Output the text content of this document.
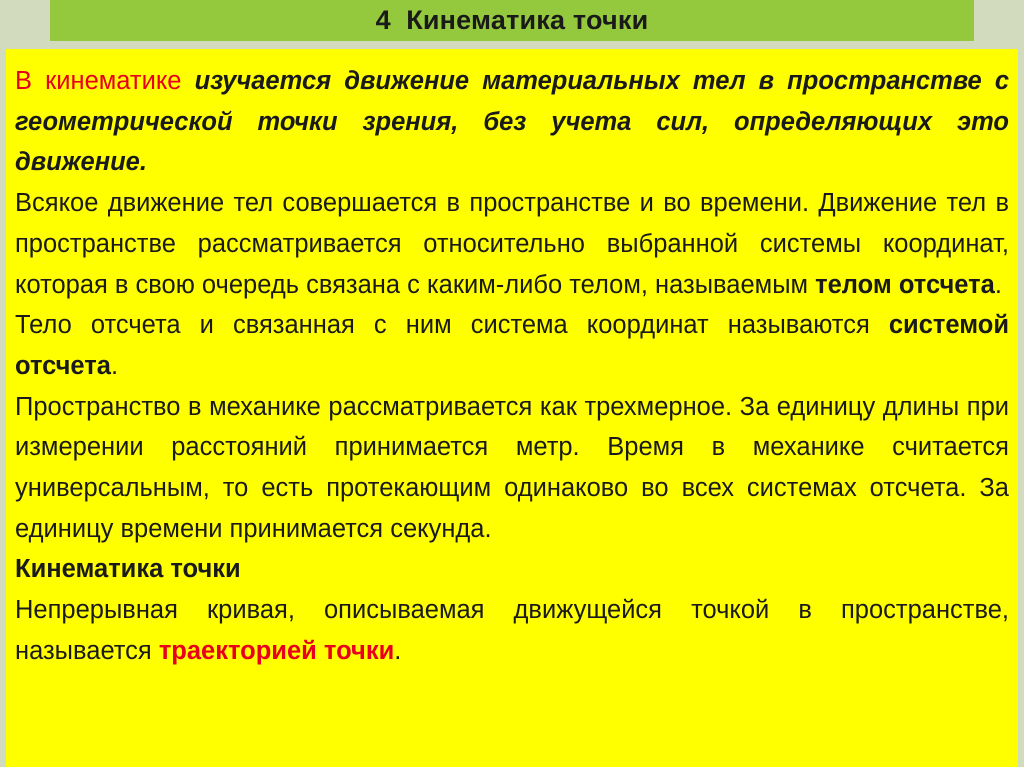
4  Кинематика точки

В кинематике изучается движение материальных тел в пространстве с геометрической точки зрения, без учета сил, определяющих это движение.

Всякое движение тел совершается в пространстве и во времени. Движение тел в пространстве рассматривается относительно выбранной системы координат, которая в свою очередь связана с каким-либо телом, называемым телом отсчета.

Тело отсчета и связанная с ним система координат называются системой отсчета.

Пространство в механике рассматривается как трехмерное. За единицу длины при измерении расстояний принимается метр. Время в механике считается универсальным, то есть протекающим одинаково во всех системах отсчета. За единицу времени принимается секунда.

Кинематика точки

Непрерывная кривая, описываемая движущейся точкой в пространстве, называется траекторией точки.
